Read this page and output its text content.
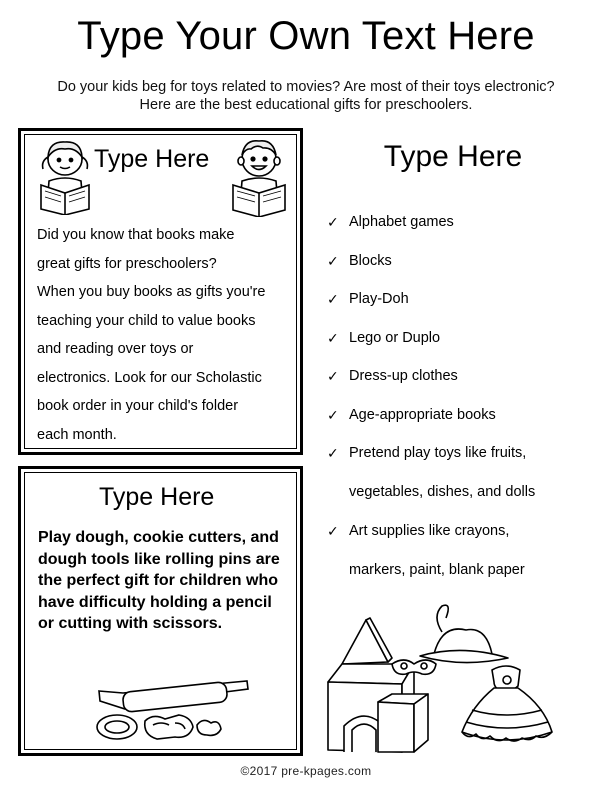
Type Your Own Text Here
Do your kids beg for toys related to movies? Are most of their toys electronic? Here are the best educational gifts for preschoolers.
Type Here

Did you know that books make

great gifts for preschoolers?

When you buy books as gifts you're

teaching your child to value books

and reading over toys or

electronics. Look for our Scholastic

book order in your child's folder

each month.

Type Here
Play dough, cookie cutters, and dough tools like rolling pins are the perfect gift for children who have difficulty holding a pencil or cutting with scissors.
Type Here
✓ Alphabet games
✓ Blocks
✓ Play-Doh
✓ Lego or Duplo
✓ Dress-up clothes
✓ Age-appropriate books
✓ Pretend play toys like fruits,
vegetables, dishes, and dolls
✓ Art supplies like crayons,
markers, paint, blank paper
©2017 pre-kpages.com
